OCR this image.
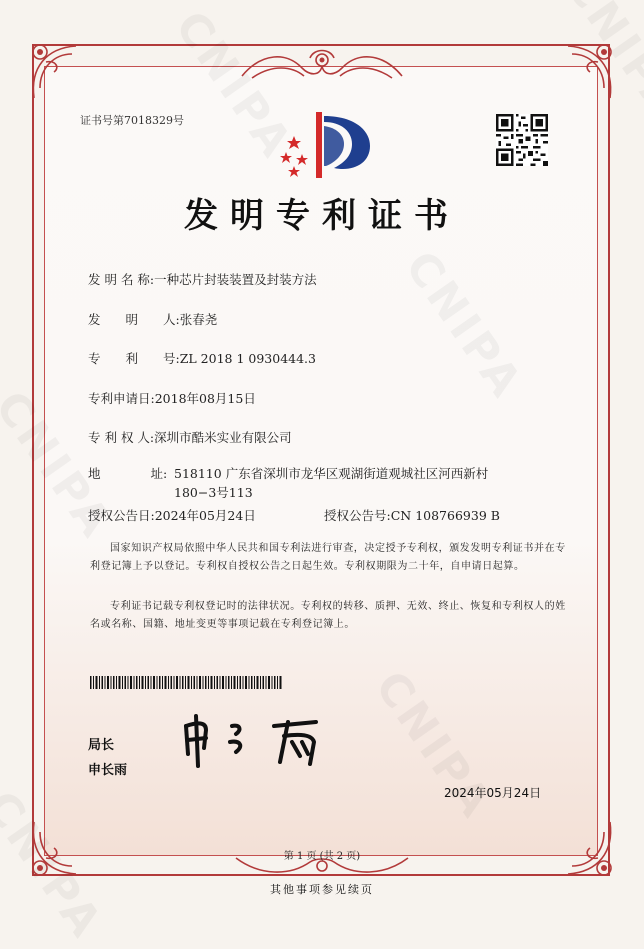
证书号第7018329号
发明专利证书
发 明 名 称:一种芯片封装装置及封装方法
发　　明　　人:张春尧
专　　利　　号:ZL 2018 1 0930444.3
专利申请日:2018年08月15日
专 利 权 人:深圳市酷米实业有限公司
地　　　　址: 518110 广东省深圳市龙华区观湖街道观城社区河西新村180−3号113
授权公告日:2024年05月24日	授权公告号:CN 108766939 B
国家知识产权局依照中华人民共和国专利法进行审查，决定授予专利权，颁发发明专利证书并在专利登记簿上予以登记。专利权自授权公告之日起生效。专利权期限为二十年，自申请日起算。
专利证书记载专利权登记时的法律状况。专利权的转移、质押、无效、终止、恢复和专利权人的姓名或名称、国籍、地址变更等事项记载在专利登记簿上。
局长
申长雨
2024年05月24日
第 1 页 (共 2 页)
其他事项参见续页
